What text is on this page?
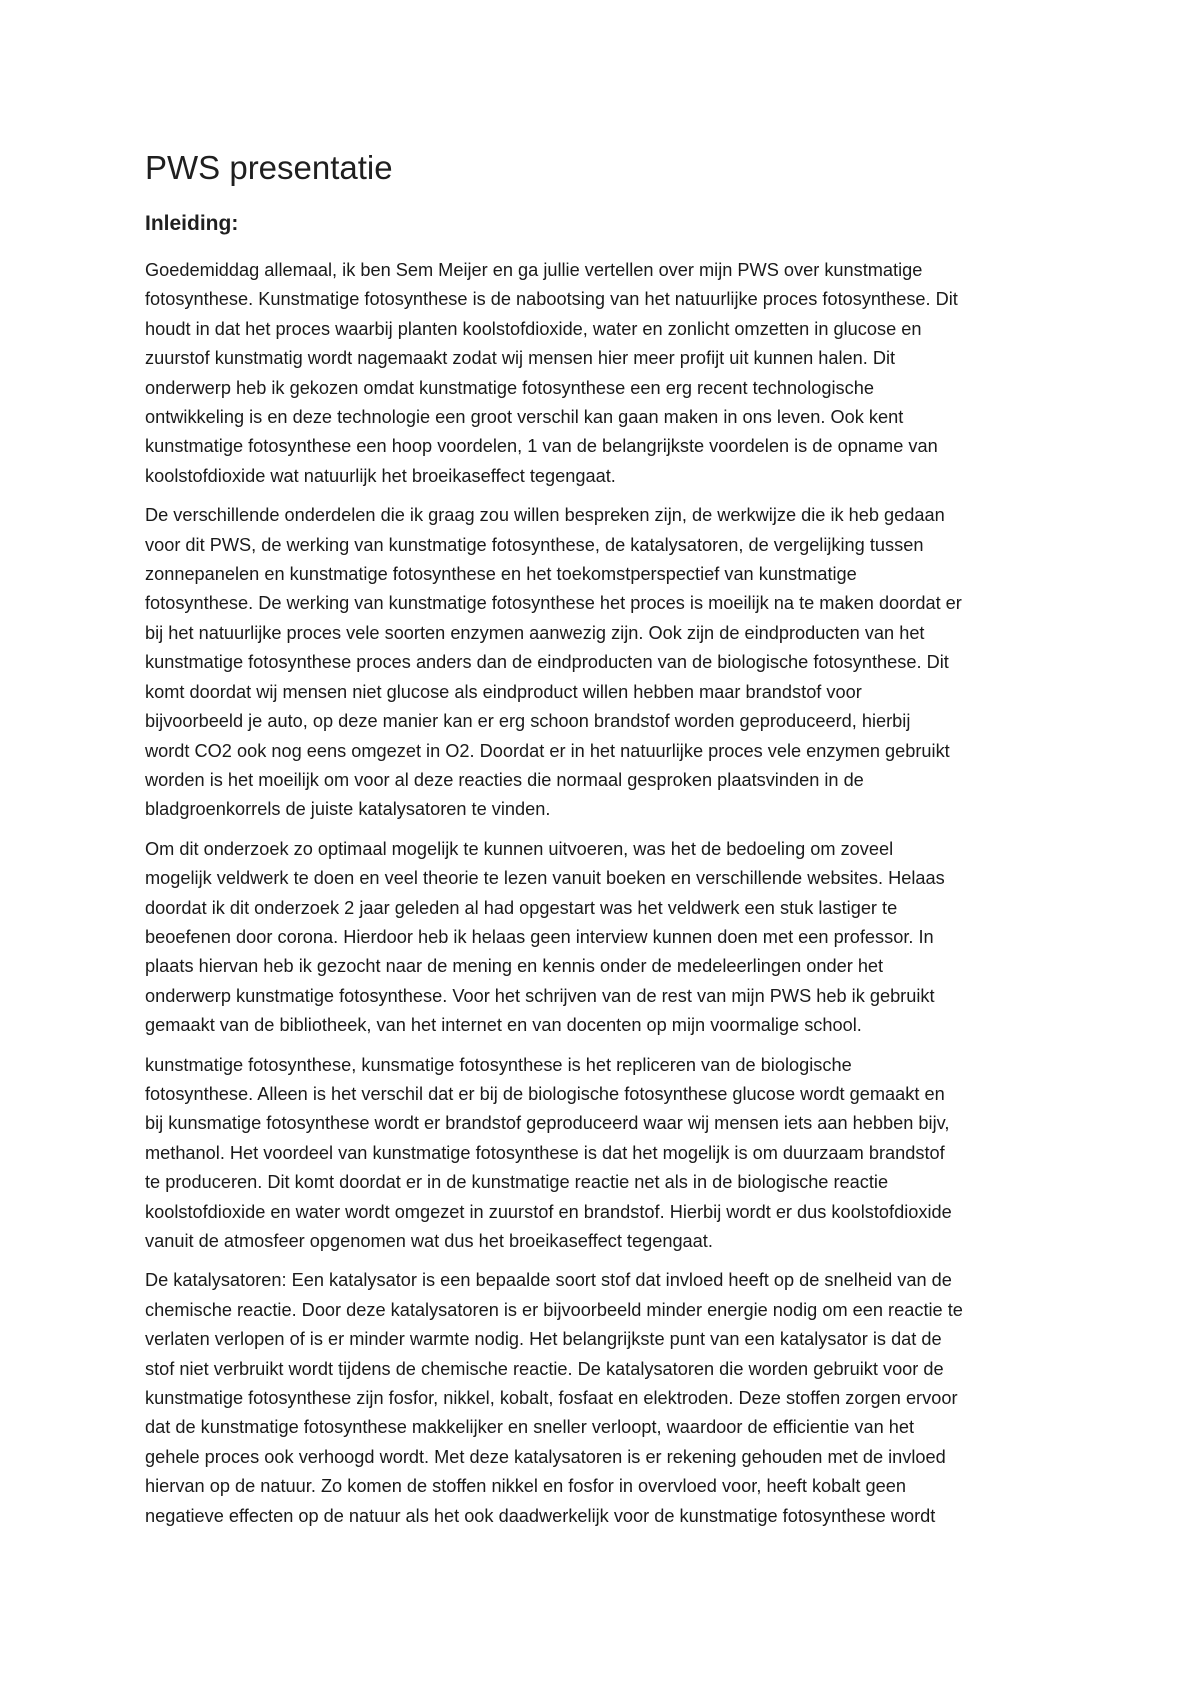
PWS presentatie
Inleiding:

Goedemiddag allemaal, ik ben Sem Meijer en ga jullie vertellen over mijn PWS over kunstmatige
fotosynthese. Kunstmatige fotosynthese is de nabootsing van het natuurlijke proces fotosynthese. Dit
houdt in dat het proces waarbij planten koolstofdioxide, water en zonlicht omzetten in glucose en
zuurstof kunstmatig wordt nagemaakt zodat wij mensen hier meer profijt uit kunnen halen. Dit
onderwerp heb ik gekozen omdat kunstmatige fotosynthese een erg recent technologische
ontwikkeling is en deze technologie een groot verschil kan gaan maken in ons leven. Ook kent
kunstmatige fotosynthese een hoop voordelen, 1 van de belangrijkste voordelen is de opname van
koolstofdioxide wat natuurlijk het broeikaseffect tegengaat.

De verschillende onderdelen die ik graag zou willen bespreken zijn, de werkwijze die ik heb gedaan
voor dit PWS, de werking van kunstmatige fotosynthese, de katalysatoren, de vergelijking tussen
zonnepanelen en kunstmatige fotosynthese en het toekomstperspectief van kunstmatige
fotosynthese. De werking van kunstmatige fotosynthese het proces is moeilijk na te maken doordat er
bij het natuurlijke proces vele soorten enzymen aanwezig zijn. Ook zijn de eindproducten van het
kunstmatige fotosynthese proces anders dan de eindproducten van de biologische fotosynthese. Dit
komt doordat wij mensen niet glucose als eindproduct willen hebben maar brandstof voor
bijvoorbeeld je auto, op deze manier kan er erg schoon brandstof worden geproduceerd, hierbij
wordt CO2 ook nog eens omgezet in O2. Doordat er in het natuurlijke proces vele enzymen gebruikt
worden is het moeilijk om voor al deze reacties die normaal gesproken plaatsvinden in de
bladgroenkorrels de juiste katalysatoren te vinden.

Om dit onderzoek zo optimaal mogelijk te kunnen uitvoeren, was het de bedoeling om zoveel
mogelijk veldwerk te doen en veel theorie te lezen vanuit boeken en verschillende websites. Helaas
doordat ik dit onderzoek 2 jaar geleden al had opgestart was het veldwerk een stuk lastiger te
beoefenen door corona. Hierdoor heb ik helaas geen interview kunnen doen met een professor. In
plaats hiervan heb ik gezocht naar de mening en kennis onder de medeleerlingen onder het
onderwerp kunstmatige fotosynthese. Voor het schrijven van de rest van mijn PWS heb ik gebruikt
gemaakt van de bibliotheek, van het internet en van docenten op mijn voormalige school.

kunstmatige fotosynthese, kunsmatige fotosynthese is het repliceren van de biologische
fotosynthese. Alleen is het verschil dat er bij de biologische fotosynthese glucose wordt gemaakt en
bij kunsmatige fotosynthese wordt er brandstof geproduceerd waar wij mensen iets aan hebben bijv,
methanol. Het voordeel van kunstmatige fotosynthese is dat het mogelijk is om duurzaam brandstof
te produceren. Dit komt doordat er in de kunstmatige reactie net als in de biologische reactie
koolstofdioxide en water wordt omgezet in zuurstof en brandstof. Hierbij wordt er dus koolstofdioxide
vanuit de atmosfeer opgenomen wat dus het broeikaseffect tegengaat.

De katalysatoren: Een katalysator is een bepaalde soort stof dat invloed heeft op de snelheid van de
chemische reactie. Door deze katalysatoren is er bijvoorbeeld minder energie nodig om een reactie te
verlaten verlopen of is er minder warmte nodig. Het belangrijkste punt van een katalysator is dat de
stof niet verbruikt wordt tijdens de chemische reactie. De katalysatoren die worden gebruikt voor de
kunstmatige fotosynthese zijn fosfor, nikkel, kobalt, fosfaat en elektroden. Deze stoffen zorgen ervoor
dat de kunstmatige fotosynthese makkelijker en sneller verloopt, waardoor de efficientie van het
gehele proces ook verhoogd wordt. Met deze katalysatoren is er rekening gehouden met de invloed
hiervan op de natuur. Zo komen de stoffen nikkel en fosfor in overvloed voor, heeft kobalt geen
negatieve effecten op de natuur als het ook daadwerkelijk voor de kunstmatige fotosynthese wordt
